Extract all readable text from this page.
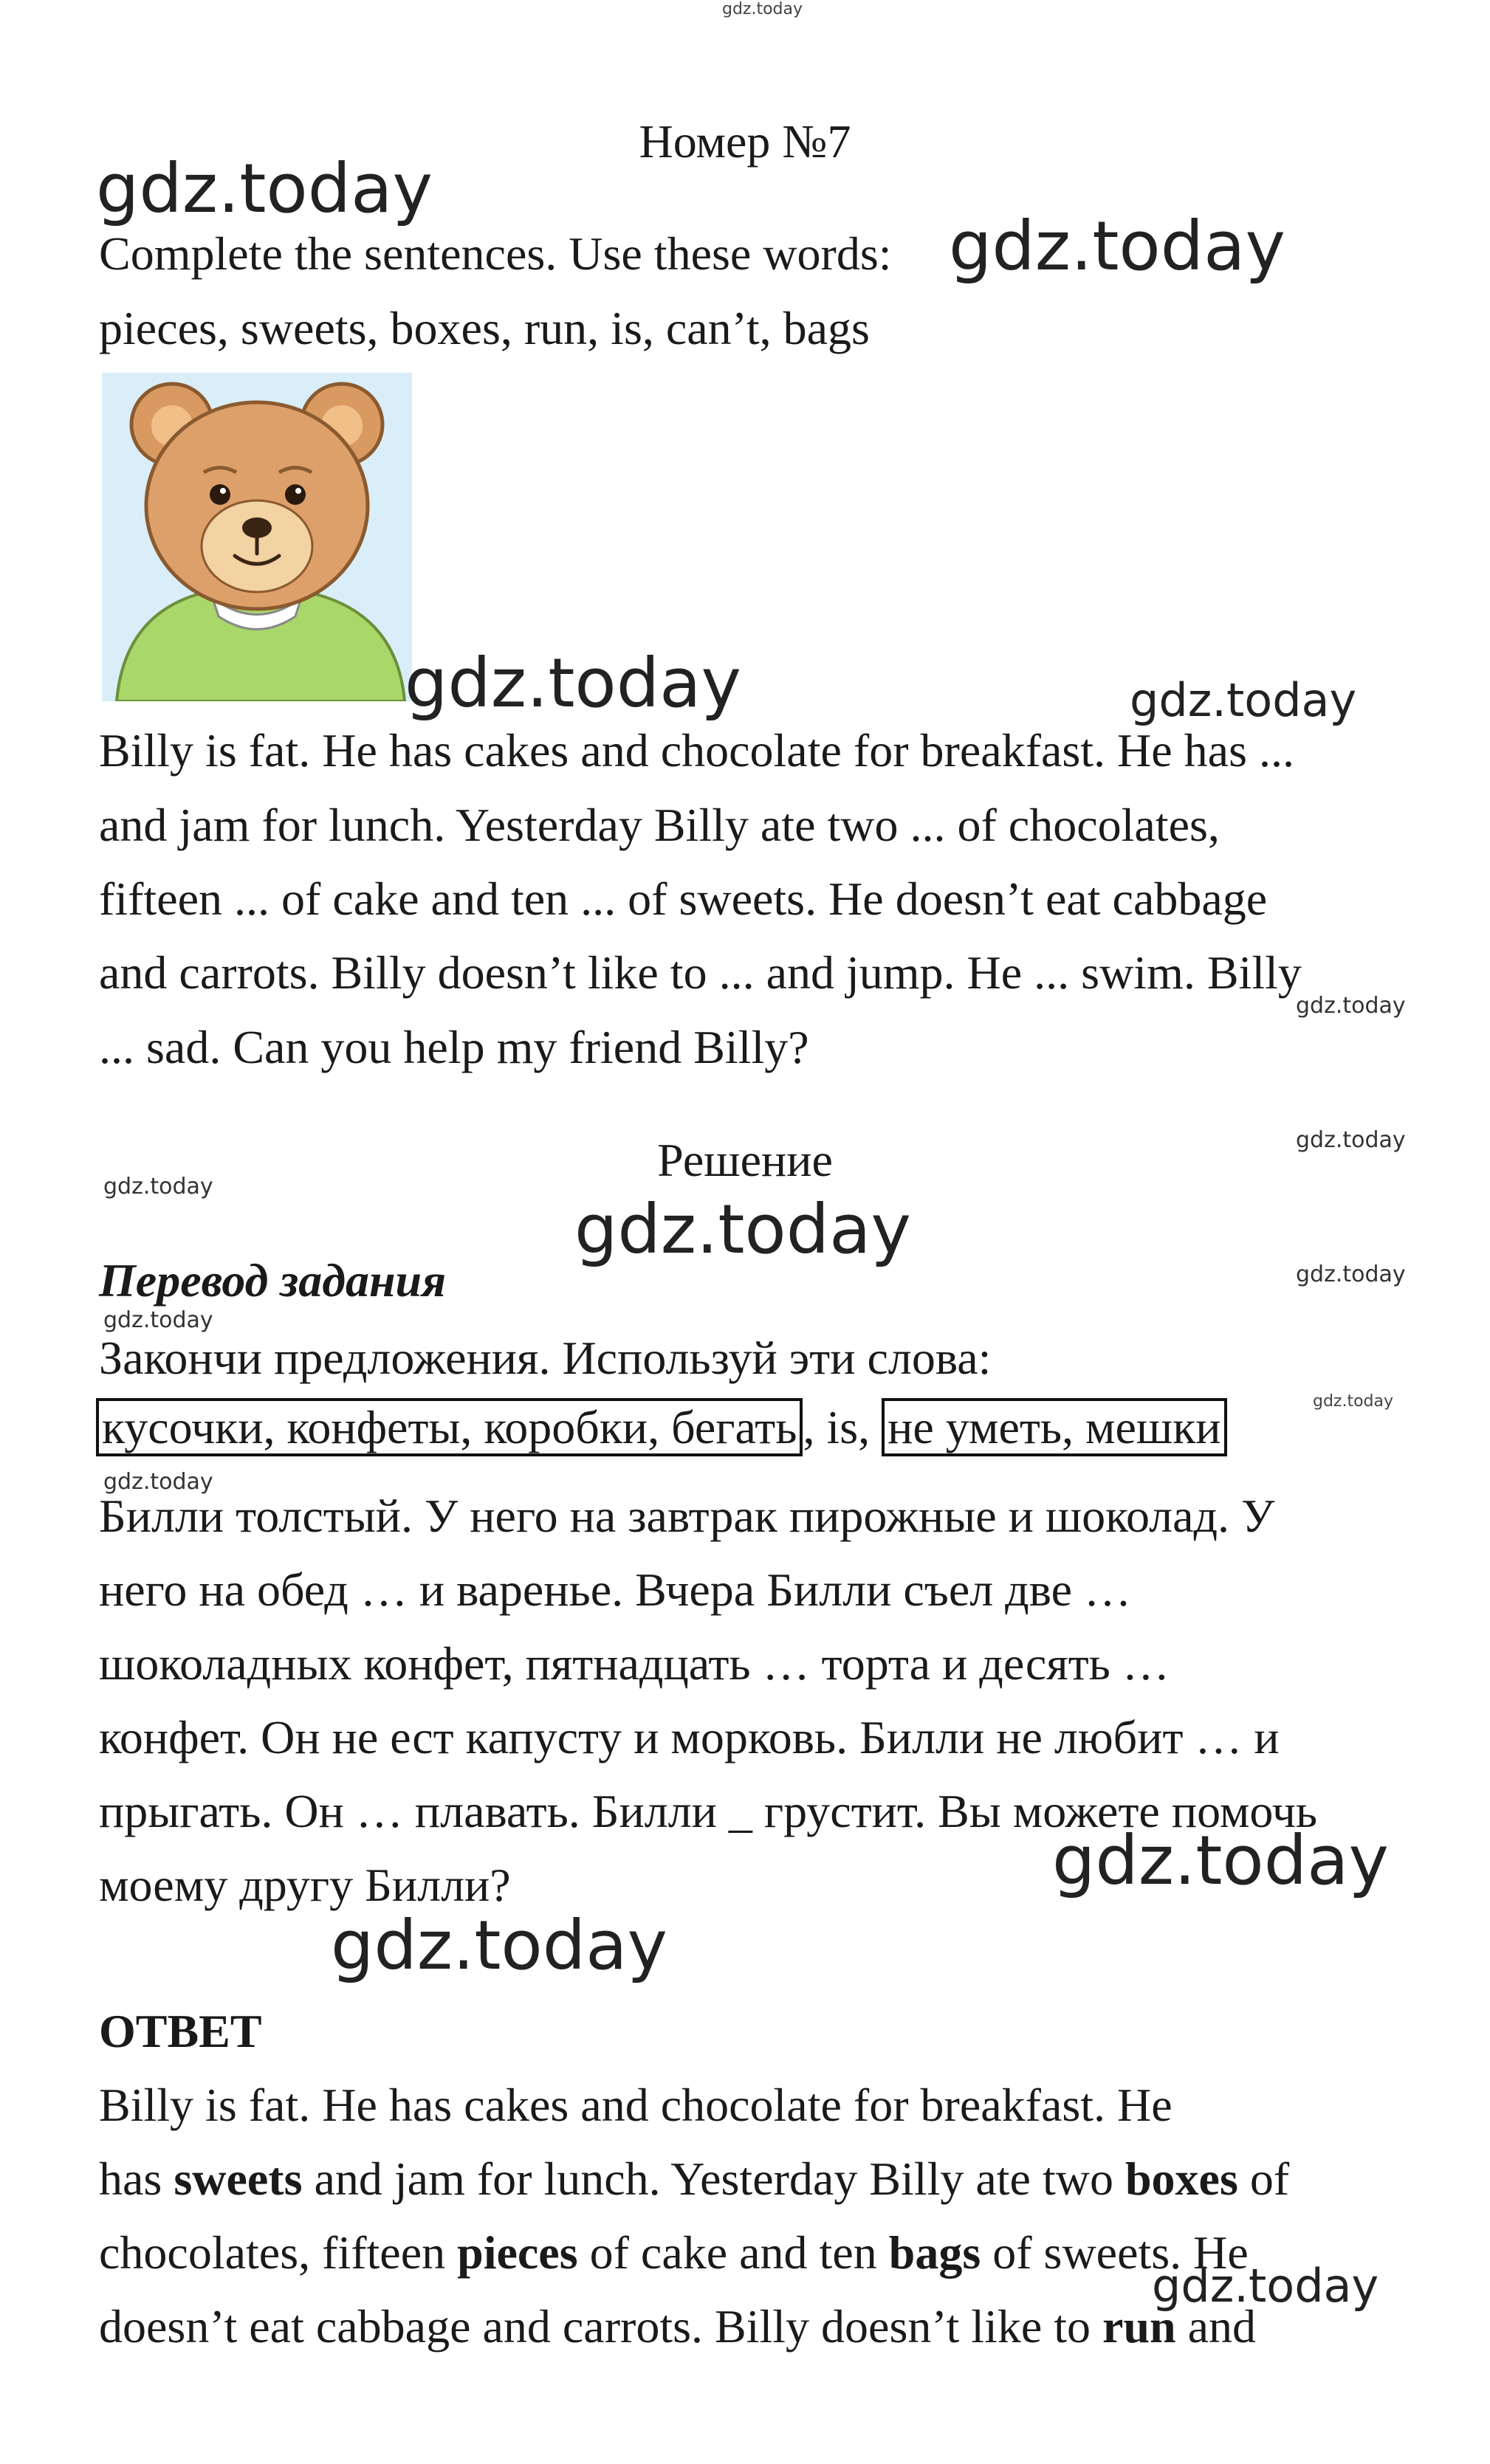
gdz.today
Номер №7
gdz.today
gdz.today
Complete the sentences. Use these words:
pieces, sweets, boxes, run, is, can’t, bags
gdz.today	gdz.today
Billy is fat. He has cakes and chocolate for breakfast. He has ...
and jam for lunch. Yesterday Billy ate two ... of chocolates,
fifteen ... of cake and ten ... of sweets. He doesn’t eat cabbage
and carrots. Billy doesn’t like to ... and jump. He ... swim. Billy
... sad. Can you help my friend Billy?
gdz.today
gdz.today
Решение
gdz.today
gdz.today
Перевод задания	gdz.today
gdz.today
Закончи предложения. Используй эти слова:
кусочки, конфеты, коробки, бегать , is, не уметь, мешки	gdz.today
gdz.today
Билли толстый. У него на завтрак пирожные и шоколад. У
него на обед … и варенье. Вчера Билли съел две …
шоколадных конфет, пятнадцать … торта и десять …
конфет. Он не ест капусту и морковь. Билли не любит … и
прыгать. Он … плавать. Билли _ грустит. Вы можете помочь
моему другу Билли?	gdz.today
gdz.today
ОТВЕТ
Billy is fat. He has cakes and chocolate for breakfast. He
has sweets and jam for lunch. Yesterday Billy ate two boxes of
chocolates, fifteen pieces of cake and ten bags of sweets. He
gdz.today
doesn’t eat cabbage and carrots. Billy doesn’t like to run and
